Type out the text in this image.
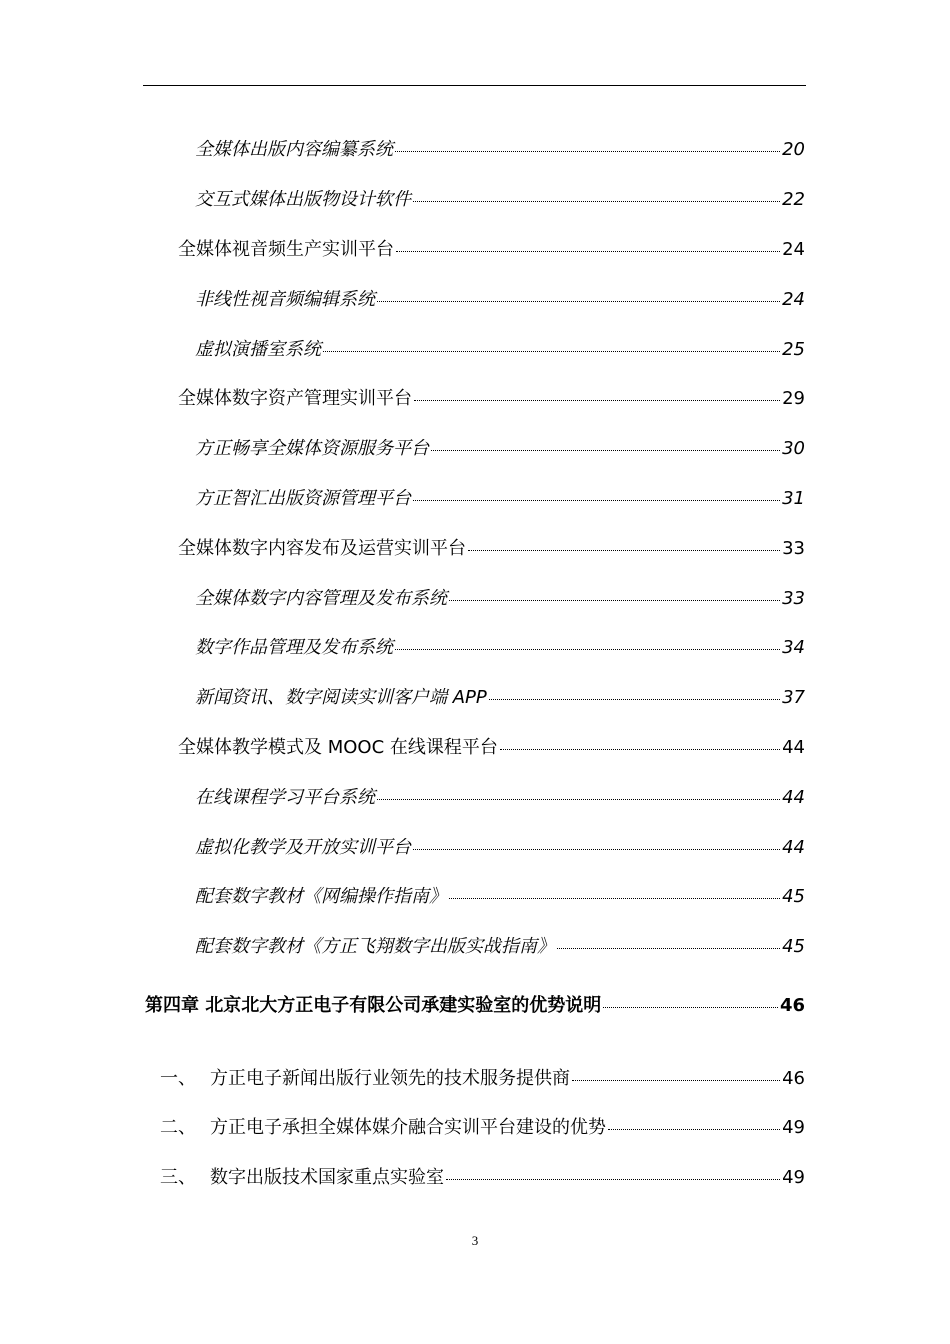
全媒体出版内容编纂系统	20
交互式媒体出版物设计软件	22
全媒体视音频生产实训平台	24
非线性视音频编辑系统	24
虚拟演播室系统	25
全媒体数字资产管理实训平台	29
方正畅享全媒体资源服务平台	30
方正智汇出版资源管理平台	31
全媒体数字内容发布及运营实训平台	33
全媒体数字内容管理及发布系统	33
数字作品管理及发布系统	34
新闻资讯、数字阅读实训客户端 APP	37
全媒体教学模式及 MOOC 在线课程平台	44
在线课程学习平台系统	44
虚拟化教学及开放实训平台	44
配套数字教材《网编操作指南》	45
配套数字教材《方正飞翔数字出版实战指南》	45
第四章 北京北大方正电子有限公司承建实验室的优势说明	46
一、 方正电子新闻出版行业领先的技术服务提供商	46
二、 方正电子承担全媒体媒介融合实训平台建设的优势	49
三、 数字出版技术国家重点实验室	49
3
